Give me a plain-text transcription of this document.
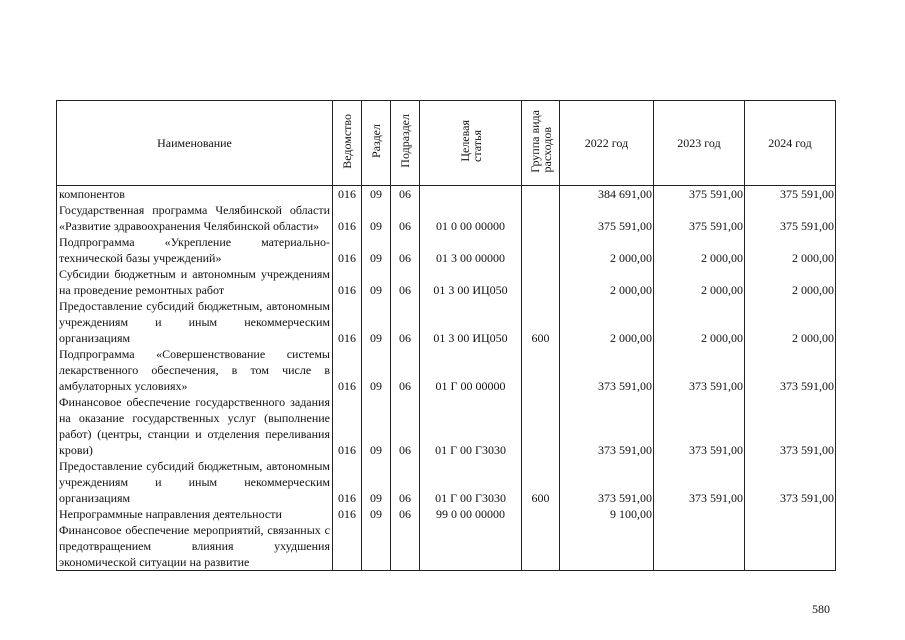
Наименование	Ведомство	Раздел	Подраздел	Целеваястатья	Группа видарасходов	2022 год	2023 год	2024 год
компонентов	016	09	06			384 691,00	375 591,00	375 591,00
Государственная программа Челябинской области «Развитие здравоохранения Челябинской области»	016	09	06	01 0 00 00000		375 591,00	375 591,00	375 591,00
Подпрограмма «Укрепление материально-технической базы учреждений»	016	09	06	01 3 00 00000		2 000,00	2 000,00	2 000,00
Субсидии бюджетным и автономным учреждениям на проведение ремонтных работ	016	09	06	01 3 00 ИЦ050		2 000,00	2 000,00	2 000,00
Предоставление субсидий бюджетным, автономным учреждениям и иным некоммерческим организациям	016	09	06	01 3 00 ИЦ050	600	2 000,00	2 000,00	2 000,00
Подпрограмма «Совершенствование системы лекарственного обеспечения, в том числе в амбулаторных условиях»	016	09	06	01 Г 00 00000		373 591,00	373 591,00	373 591,00
Финансовое обеспечение государственного задания на оказание государственных услуг (выполнение работ) (центры, станции и отделения переливания крови)	016	09	06	01 Г 00 Г3030		373 591,00	373 591,00	373 591,00
Предоставление субсидий бюджетным, автономным учреждениям и иным некоммерческим организациям	016	09	06	01 Г 00 Г3030	600	373 591,00	373 591,00	373 591,00
Непрограммные направления деятельности	016	09	06	99 0 00 00000		9 100,00		
Финансовое обеспечение мероприятий, связанных с предотвращением влияния ухудшения экономической ситуации на развитие								
580
